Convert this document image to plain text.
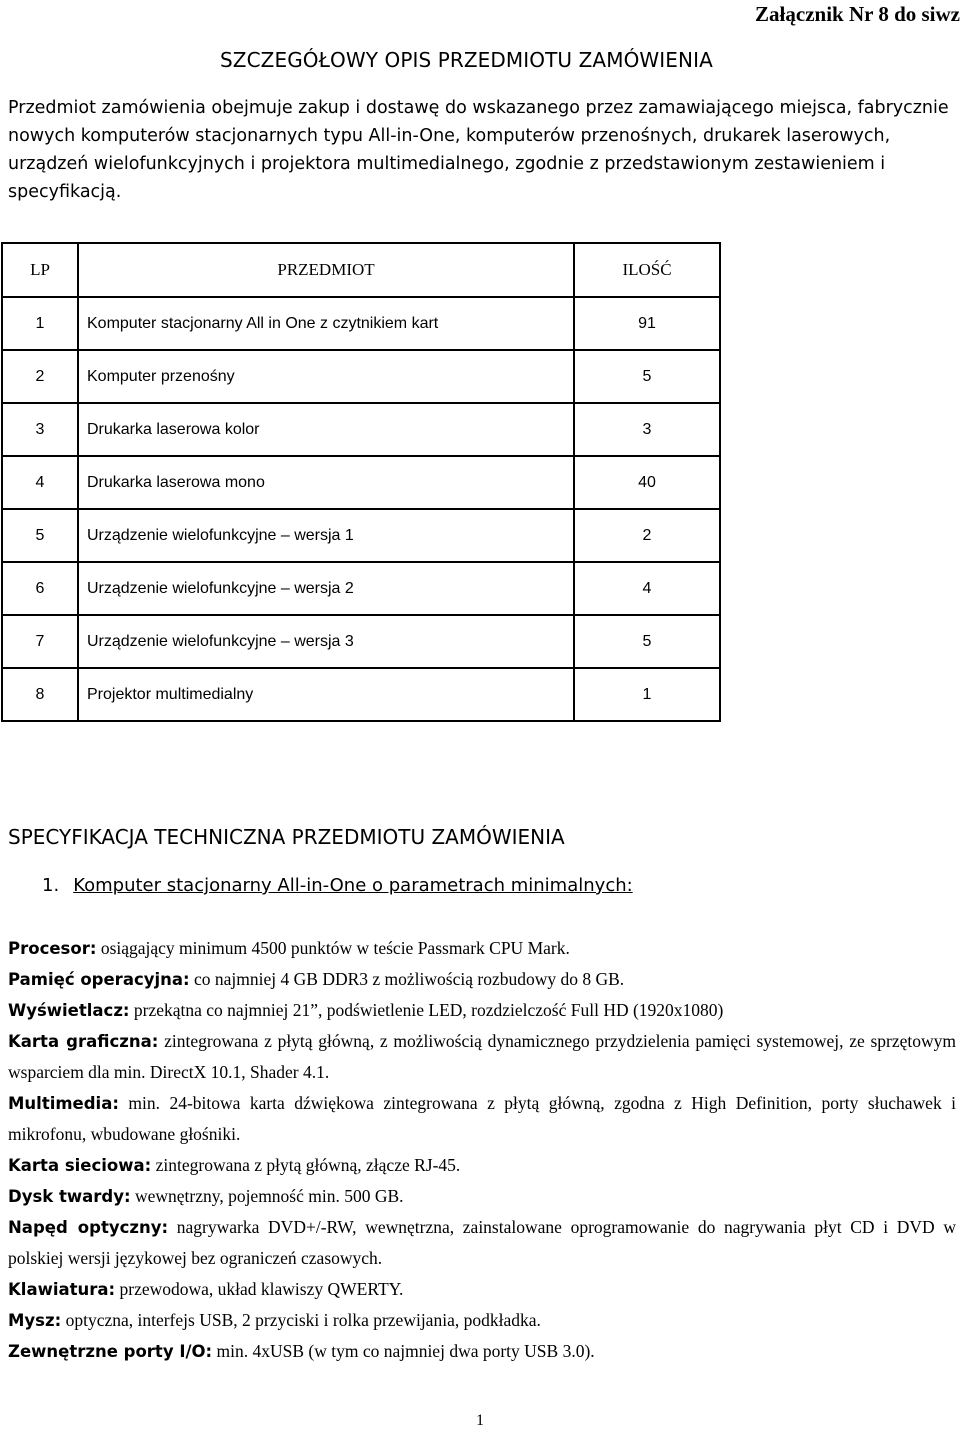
Załącznik Nr 8 do siwz
SZCZEGÓŁOWY OPIS PRZEDMIOTU ZAMÓWIENIA
Przedmiot zamówienia obejmuje zakup i dostawę do wskazanego przez zamawiającego miejsca, fabrycznie nowych komputerów stacjonarnych typu All-in-One, komputerów przenośnych, drukarek laserowych, urządzeń wielofunkcyjnych i projektora multimedialnego, zgodnie z przedstawionym zestawieniem i specyfikacją.
LP	PRZEDMIOT	ILOŚĆ
1	Komputer stacjonarny All in One z czytnikiem kart	91
2	Komputer przenośny	5
3	Drukarka laserowa kolor	3
4	Drukarka laserowa mono	40
5	Urządzenie wielofunkcyjne – wersja 1	2
6	Urządzenie wielofunkcyjne – wersja 2	4
7	Urządzenie wielofunkcyjne – wersja 3	5
8	Projektor multimedialny	1
SPECYFIKACJA TECHNICZNA PRZEDMIOTU ZAMÓWIENIA
1. Komputer stacjonarny All-in-One o parametrach minimalnych:

Procesor: osiągający minimum 4500 punktów w teście Passmark CPU Mark.

Pamięć operacyjna: co najmniej 4 GB DDR3 z możliwością rozbudowy do 8 GB.

Wyświetlacz: przekątna co najmniej 21”, podświetlenie LED, rozdzielczość Full HD (1920x1080)

Karta graficzna: zintegrowana z płytą główną, z możliwością dynamicznego przydzielenia pamięci systemowej, ze sprzętowym wsparciem dla min. DirectX 10.1, Shader 4.1.

Multimedia: min. 24-bitowa karta dźwiękowa zintegrowana z płytą główną, zgodna z High Definition, porty słuchawek i mikrofonu, wbudowane głośniki.

Karta sieciowa: zintegrowana z płytą główną, złącze RJ-45.

Dysk twardy: wewnętrzny, pojemność min. 500 GB.

Napęd optyczny: nagrywarka DVD+/-RW, wewnętrzna, zainstalowane oprogramowanie do nagrywania płyt CD i DVD w polskiej wersji językowej bez ograniczeń czasowych.

Klawiatura: przewodowa, układ klawiszy QWERTY.

Mysz: optyczna, interfejs USB, 2 przyciski i rolka przewijania, podkładka.

Zewnętrzne porty I/O: min. 4xUSB (w tym co najmniej dwa porty USB 3.0).

1
